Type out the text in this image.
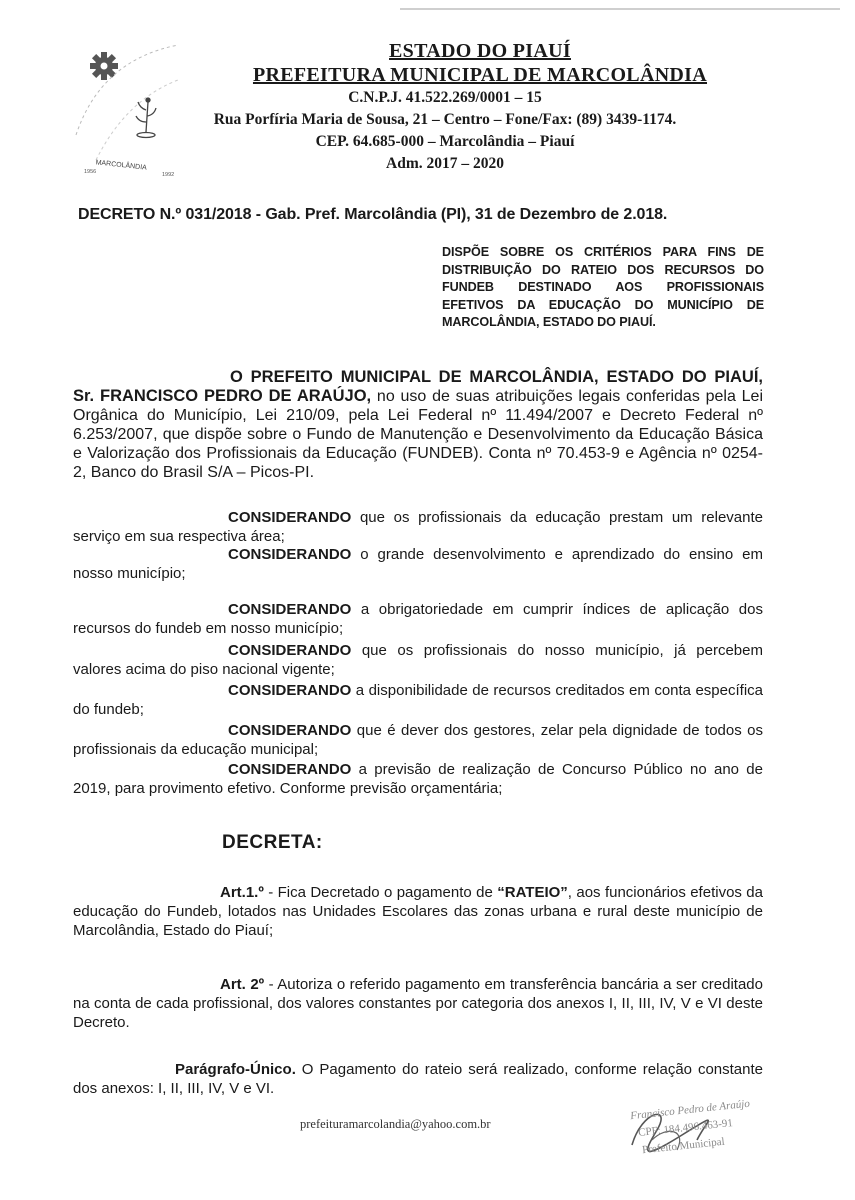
MARCOLÂNDIA
1956	1992
ESTADO DO PIAUÍ
PREFEITURA MUNICIPAL DE MARCOLÂNDIA
C.N.P.J. 41.522.269/0001 – 15
Rua Porfíria Maria de Sousa, 21 – Centro – Fone/Fax: (89) 3439-1174.
CEP. 64.685-000 – Marcolândia – Piauí
Adm. 2017 – 2020
DECRETO N.º 031/2018 - Gab. Pref. Marcolândia (PI), 31 de Dezembro de 2.018.
DISPÕE SOBRE OS CRITÉRIOS PARA FINS DE DISTRIBUIÇÃO DO RATEIO DOS RECURSOS DO FUNDEB DESTINADO AOS PROFISSIONAIS EFETIVOS DA EDUCAÇÃO DO MUNICÍPIO DE MARCOLÂNDIA, ESTADO DO PIAUÍ.
O PREFEITO MUNICIPAL DE MARCOLÂNDIA, ESTADO DO PIAUÍ, Sr. FRANCISCO PEDRO DE ARAÚJO, no uso de suas atribuições legais conferidas pela Lei Orgânica do Município, Lei 210/09, pela Lei Federal nº 11.494/2007 e Decreto Federal nº 6.253/2007, que dispõe sobre o Fundo de Manutenção e Desenvolvimento da Educação Básica e Valorização dos Profissionais da Educação (FUNDEB). Conta nº 70.453-9 e Agência nº 0254-2, Banco do Brasil S/A – Picos-PI.
CONSIDERANDO que os profissionais da educação prestam um relevante serviço em sua respectiva área;
CONSIDERANDO o grande desenvolvimento e aprendizado do ensino em nosso município;
CONSIDERANDO a obrigatoriedade em cumprir índices de aplicação dos recursos do fundeb em nosso município;
CONSIDERANDO que os profissionais do nosso município, já percebem valores acima do piso nacional vigente;
CONSIDERANDO a disponibilidade de recursos creditados em conta específica do fundeb;
CONSIDERANDO que é dever dos gestores, zelar pela dignidade de todos os profissionais da educação municipal;
CONSIDERANDO a previsão de realização de Concurso Público no ano de 2019, para provimento efetivo. Conforme previsão orçamentária;
DECRETA:
Art.1.º - Fica Decretado o pagamento de “RATEIO”, aos funcionários efetivos da educação do Fundeb, lotados nas Unidades Escolares das zonas urbana e rural deste município de Marcolândia, Estado do Piauí;
Art. 2º - Autoriza o referido pagamento em transferência bancária a ser creditado na conta de cada profissional, dos valores constantes por categoria dos anexos I, II, III, IV, V e VI deste Decreto.
Parágrafo-Único. O Pagamento do rateio será realizado, conforme relação constante dos anexos: I, II, III, IV, V e VI.
prefeituramarcolandia@yahoo.com.br
Francisco Pedro de Araújo
CPF: 184.496.463-91
Prefeito Municipal
